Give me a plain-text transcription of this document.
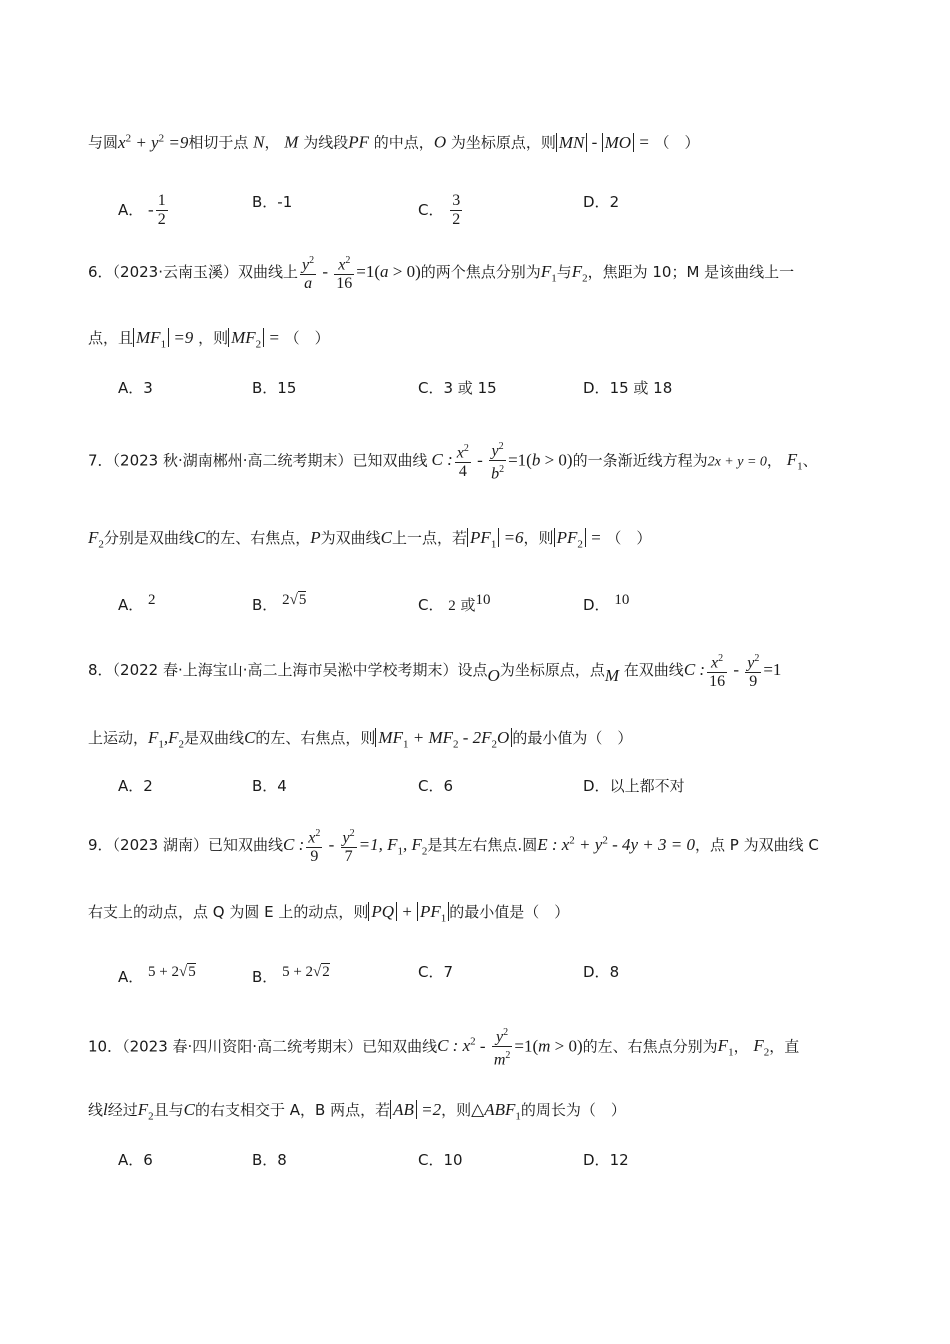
与圆$x^2 + y^2 =9$相切于点 N， M 为线段PF 的中点，O 为坐标原点，则 MN - MO = （　）
A． - $\frac{1}{2}$	B．-1	C． $\frac{3}{2}$	D．2
6．（2023·云南玉溪）双曲线上 $\frac{y^2}{a} - \frac{x^2}{16} =1(a > 0)$的两个焦点分别为$F_1$与$F_2$，焦距为 10；M 是该曲线上一
点，且 $MF_1 =9$ ，则 $MF_2$ = （　）
A．3	B．15	C．3 或 15	D．15 或 18
7．（2023 秋·湖南郴州·高二统考期末）已知双曲线 C : $\frac{x^2}{4} - \frac{y^2}{b^2} =1(b > 0)$的一条渐近线方程为2x + y = 0， $F_1$、
$F_2$分别是双曲线C的左、右焦点，P为双曲线C上一点，若 $PF_1 =6$，则 $PF_2$ = （　）
A． 2	B． 2√5	C． 2 或10	D． 10
8．（2022 春·上海宝山·高二上海市吴淞中学校考期末）设点O为坐标原点，点M 在双曲线C : $\frac{x^2}{16} - \frac{y^2}{9} =1$
上运动，$F_1,F_2$是双曲线C的左、右焦点，则 $MF_1 + MF_2 - 2F_2O$ 的最小值为（　）
A．2	B．4	C．6	D．以上都不对
9．（2023 湖南）已知双曲线C : $\frac{x^2}{9} - \frac{y^2}{7} =1$, $F_1$, $F_2$是其左右焦点.圆E : $x^2 + y^2 - 4y + 3 = 0$，点 P 为双曲线 C
右支上的动点，点 Q 为圆 E 上的动点，则 PQ + $PF_1$ 的最小值是（　）
A． 5 + 2√5	B． 5 + 2√2	C．7	D．8
10．（2023 春·四川资阳·高二统考期末）已知双曲线C : $x^2 - \frac{y^2}{m^2} =1(m > 0)$的左、右焦点分别为$F_1$， $F_2$，直
线l经过$F_2$且与C的右支相交于 A，B 两点，若 AB =2，则$\triangle ABF_1$的周长为（　）
A．6	B．8	C．10	D．12
